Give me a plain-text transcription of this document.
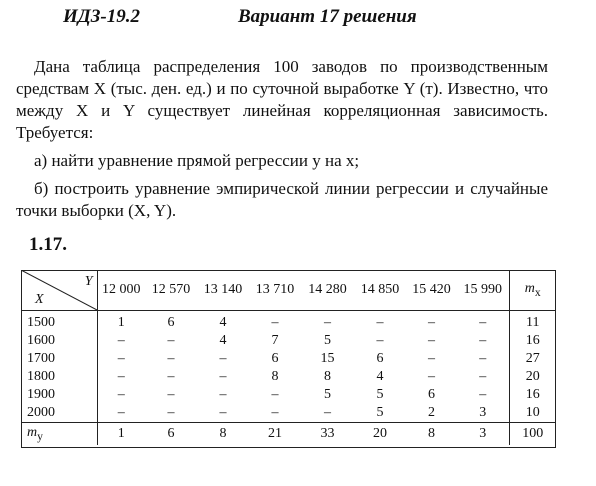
ИДЗ-19.2	Вариант 17 решения

Дана таблица распределения 100 заводов по производственным средствам X (тыс. ден. ед.) и по суточной выработке Y (т). Известно, что между X и Y существует линейная корреляционная зависимость. Требуется:

а) найти уравнение прямой регрессии y на x;

б) построить уравнение эмпирической линии регрессии и случайные точки выборки (X, Y).

1.17.
Y
X	12 000	12 570	13 140	13 710	14 280	14 850	15 420	15 990	$m_x$
1500	1	6	4	–	–	–	–	–	11
1600	–	–	4	7	5	–	–	–	16
1700	–	–	–	6	15	6	–	–	27
1800	–	–	–	8	8	4	–	–	20
1900	–	–	–	–	5	5	6	–	16
2000	–	–	–	–	–	5	2	3	10
$m_y$	1	6	8	21	33	20	8	3	100
